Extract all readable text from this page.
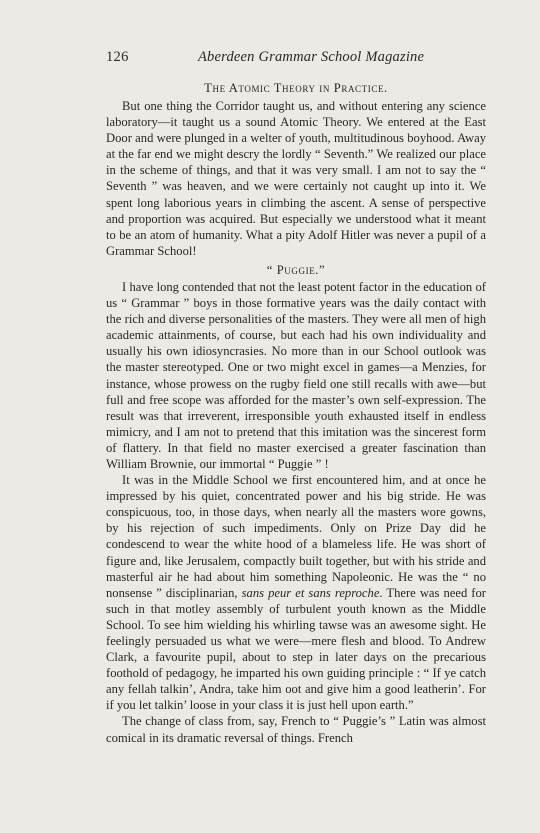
126	Aberdeen Grammar School Magazine
The Atomic Theory in Practice.

But one thing the Corridor taught us, and without entering any science laboratory—it taught us a sound Atomic Theory. We entered at the East Door and were plunged in a welter of youth, multitudinous boyhood. Away at the far end we might descry the lordly “ Seventh.” We realized our place in the scheme of things, and that it was very small. I am not to say the “ Seventh ” was heaven, and we were certainly not caught up into it. We spent long laborious years in climbing the ascent. A sense of perspective and proportion was acquired. But especially we understood what it meant to be an atom of humanity. What a pity Adolf Hitler was never a pupil of a Grammar School!

“ Puggie.”

I have long contended that not the least potent factor in the education of us “ Grammar ” boys in those formative years was the daily contact with the rich and diverse personalities of the masters. They were all men of high academic attainments, of course, but each had his own individuality and usually his own idiosyncrasies. No more than in our School outlook was the master stereotyped. One or two might excel in games—a Menzies, for instance, whose prowess on the rugby field one still recalls with awe—but full and free scope was afforded for the master’s own self-expression. The result was that irreverent, irresponsible youth exhausted itself in endless mimicry, and I am not to pretend that this imitation was the sincerest form of flattery. In that field no master exercised a greater fascination than William Brownie, our immortal “ Puggie ” !

It was in the Middle School we first encountered him, and at once he impressed by his quiet, concentrated power and his big stride. He was conspicuous, too, in those days, when nearly all the masters wore gowns, by his rejection of such impediments. Only on Prize Day did he condescend to wear the white hood of a blameless life. He was short of figure and, like Jerusalem, compactly built together, but with his stride and masterful air he had about him something Napoleonic. He was the “ no nonsense ” disciplinarian, sans peur et sans reproche. There was need for such in that motley assembly of turbulent youth known as the Middle School. To see him wielding his whirling tawse was an awesome sight. He feelingly persuaded us what we were—mere flesh and blood. To Andrew Clark, a favourite pupil, about to step in later days on the precarious foothold of pedagogy, he imparted his own guiding principle : “ If ye catch any fellah talkin’, Andra, take him oot and give him a good leatherin’. For if you let talkin’ loose in your class it is just hell upon earth.”

The change of class from, say, French to “ Puggie’s ” Latin was almost comical in its dramatic reversal of things. French
